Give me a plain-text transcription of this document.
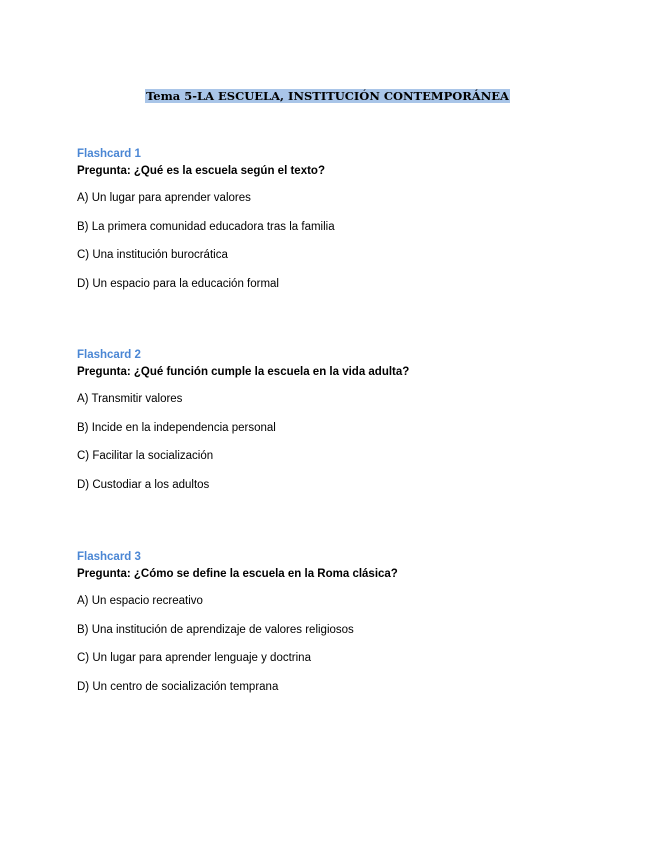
Tema 5-LA ESCUELA, INSTITUCIÓN CONTEMPORÁNEA

Flashcard 1

Pregunta: ¿Qué es la escuela según el texto?

A) Un lugar para aprender valores

B) La primera comunidad educadora tras la familia

C) Una institución burocrática

D) Un espacio para la educación formal

Flashcard 2

Pregunta: ¿Qué función cumple la escuela en la vida adulta?

A) Transmitir valores

B) Incide en la independencia personal

C) Facilitar la socialización

D) Custodiar a los adultos

Flashcard 3

Pregunta: ¿Cómo se define la escuela en la Roma clásica?

A) Un espacio recreativo

B) Una institución de aprendizaje de valores religiosos

C) Un lugar para aprender lenguaje y doctrina

D) Un centro de socialización temprana
